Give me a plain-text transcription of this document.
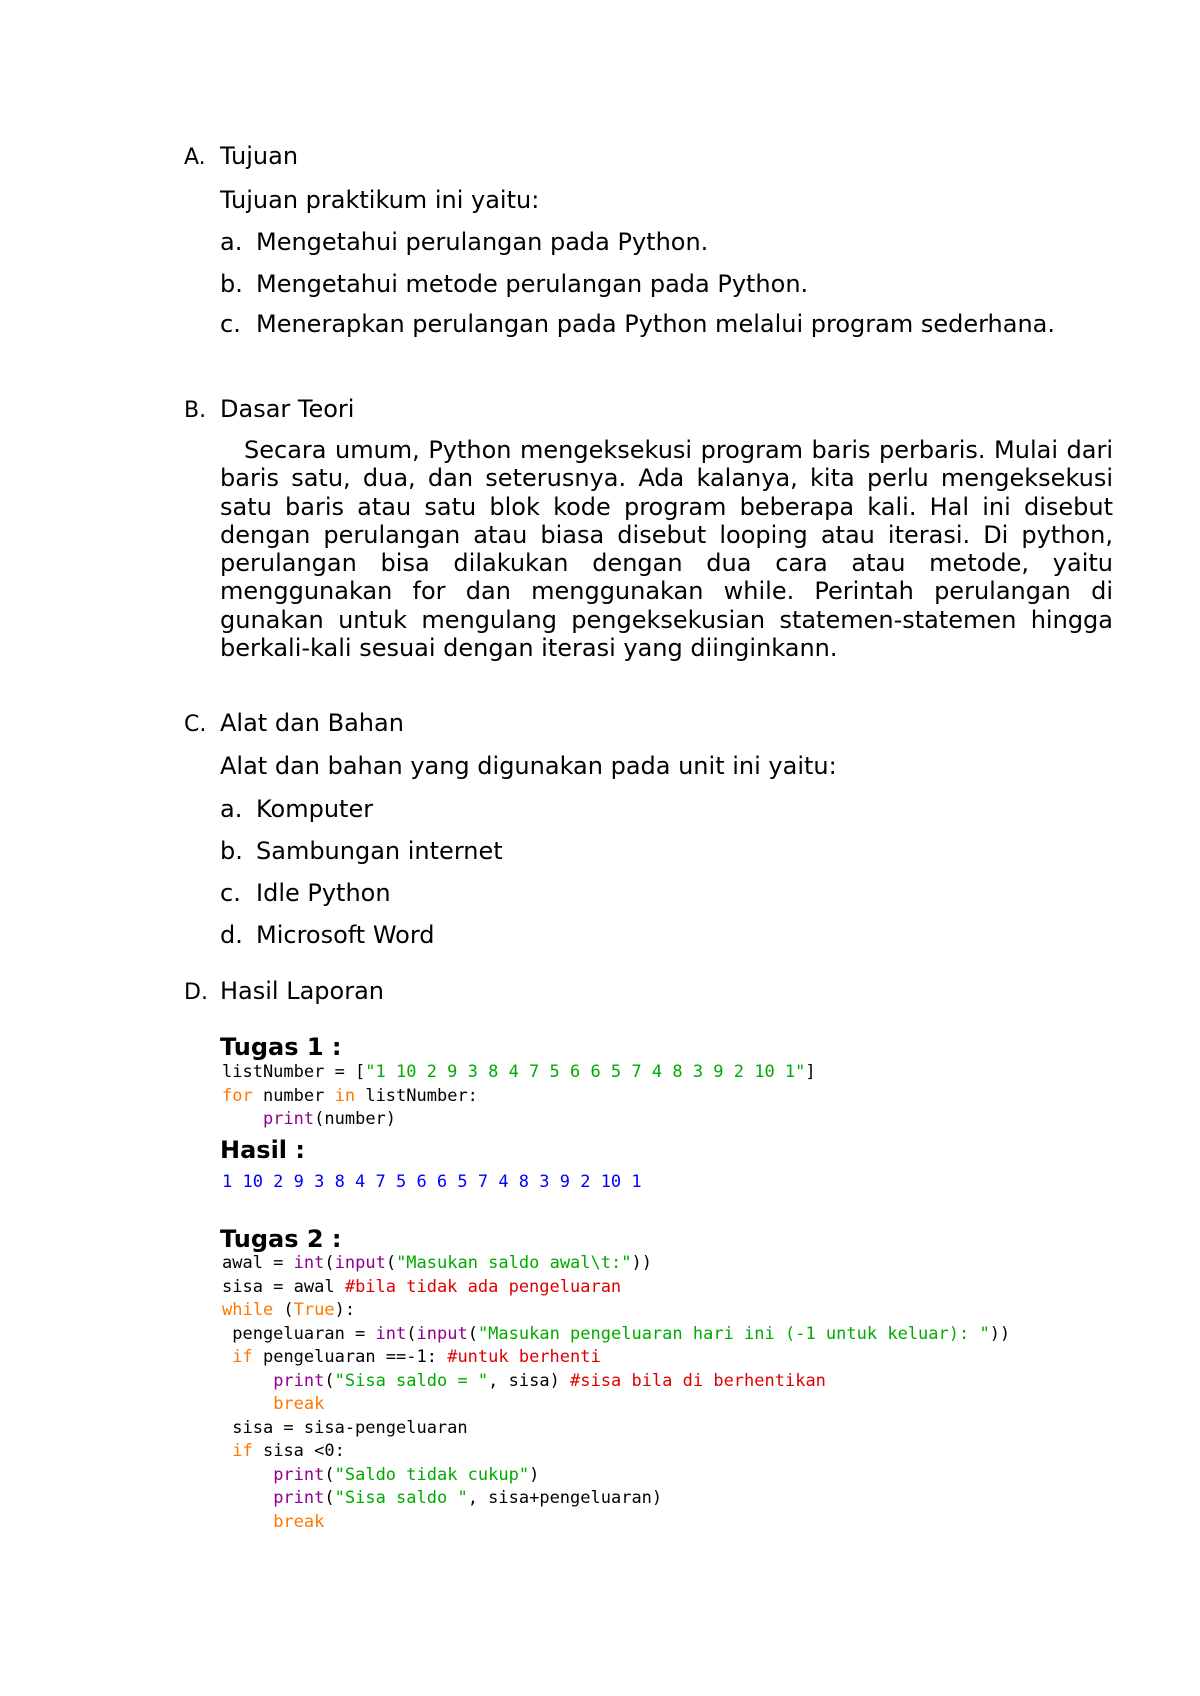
A. Tujuan
Tujuan praktikum ini yaitu:
a. Mengetahui perulangan pada Python.
b. Mengetahui metode perulangan pada Python.
c. Menerapkan perulangan pada Python melalui program sederhana.
B. Dasar Teori

Secara umum, Python mengeksekusi program baris perbaris. Mulai dari baris satu, dua, dan seterusnya. Ada kalanya, kita perlu mengeksekusi satu baris atau satu blok kode program beberapa kali. Hal ini disebut dengan perulangan atau biasa disebut looping atau iterasi. Di python, perulangan bisa dilakukan dengan dua cara atau metode, yaitu menggunakan for dan menggunakan while. Perintah perulangan di gunakan untuk mengulang pengeksekusian statemen-statemen hingga berkali-kali sesuai dengan iterasi yang diinginkann.

C. Alat dan Bahan
Alat dan bahan yang digunakan pada unit ini yaitu:
a. Komputer
b. Sambungan internet
c. Idle Python
d. Microsoft Word
D. Hasil Laporan
Tugas 1 :
listNumber = ["1 10 2 9 3 8 4 7 5 6 6 5 7 4 8 3 9 2 10 1"]
for number in listNumber:
print(number)
Hasil :
1 10 2 9 3 8 4 7 5 6 6 5 7 4 8 3 9 2 10 1
Tugas 2 :
awal = int(input("Masukan saldo awal\t:"))
sisa = awal #bila tidak ada pengeluaran
while (True):
pengeluaran = int(input("Masukan pengeluaran hari ini (-1 untuk keluar): "))
if pengeluaran ==-1: #untuk berhenti
print("Sisa saldo = ", sisa) #sisa bila di berhentikan
break
sisa = sisa-pengeluaran
if sisa <0:
print("Saldo tidak cukup")
print("Sisa saldo ", sisa+pengeluaran)
break
